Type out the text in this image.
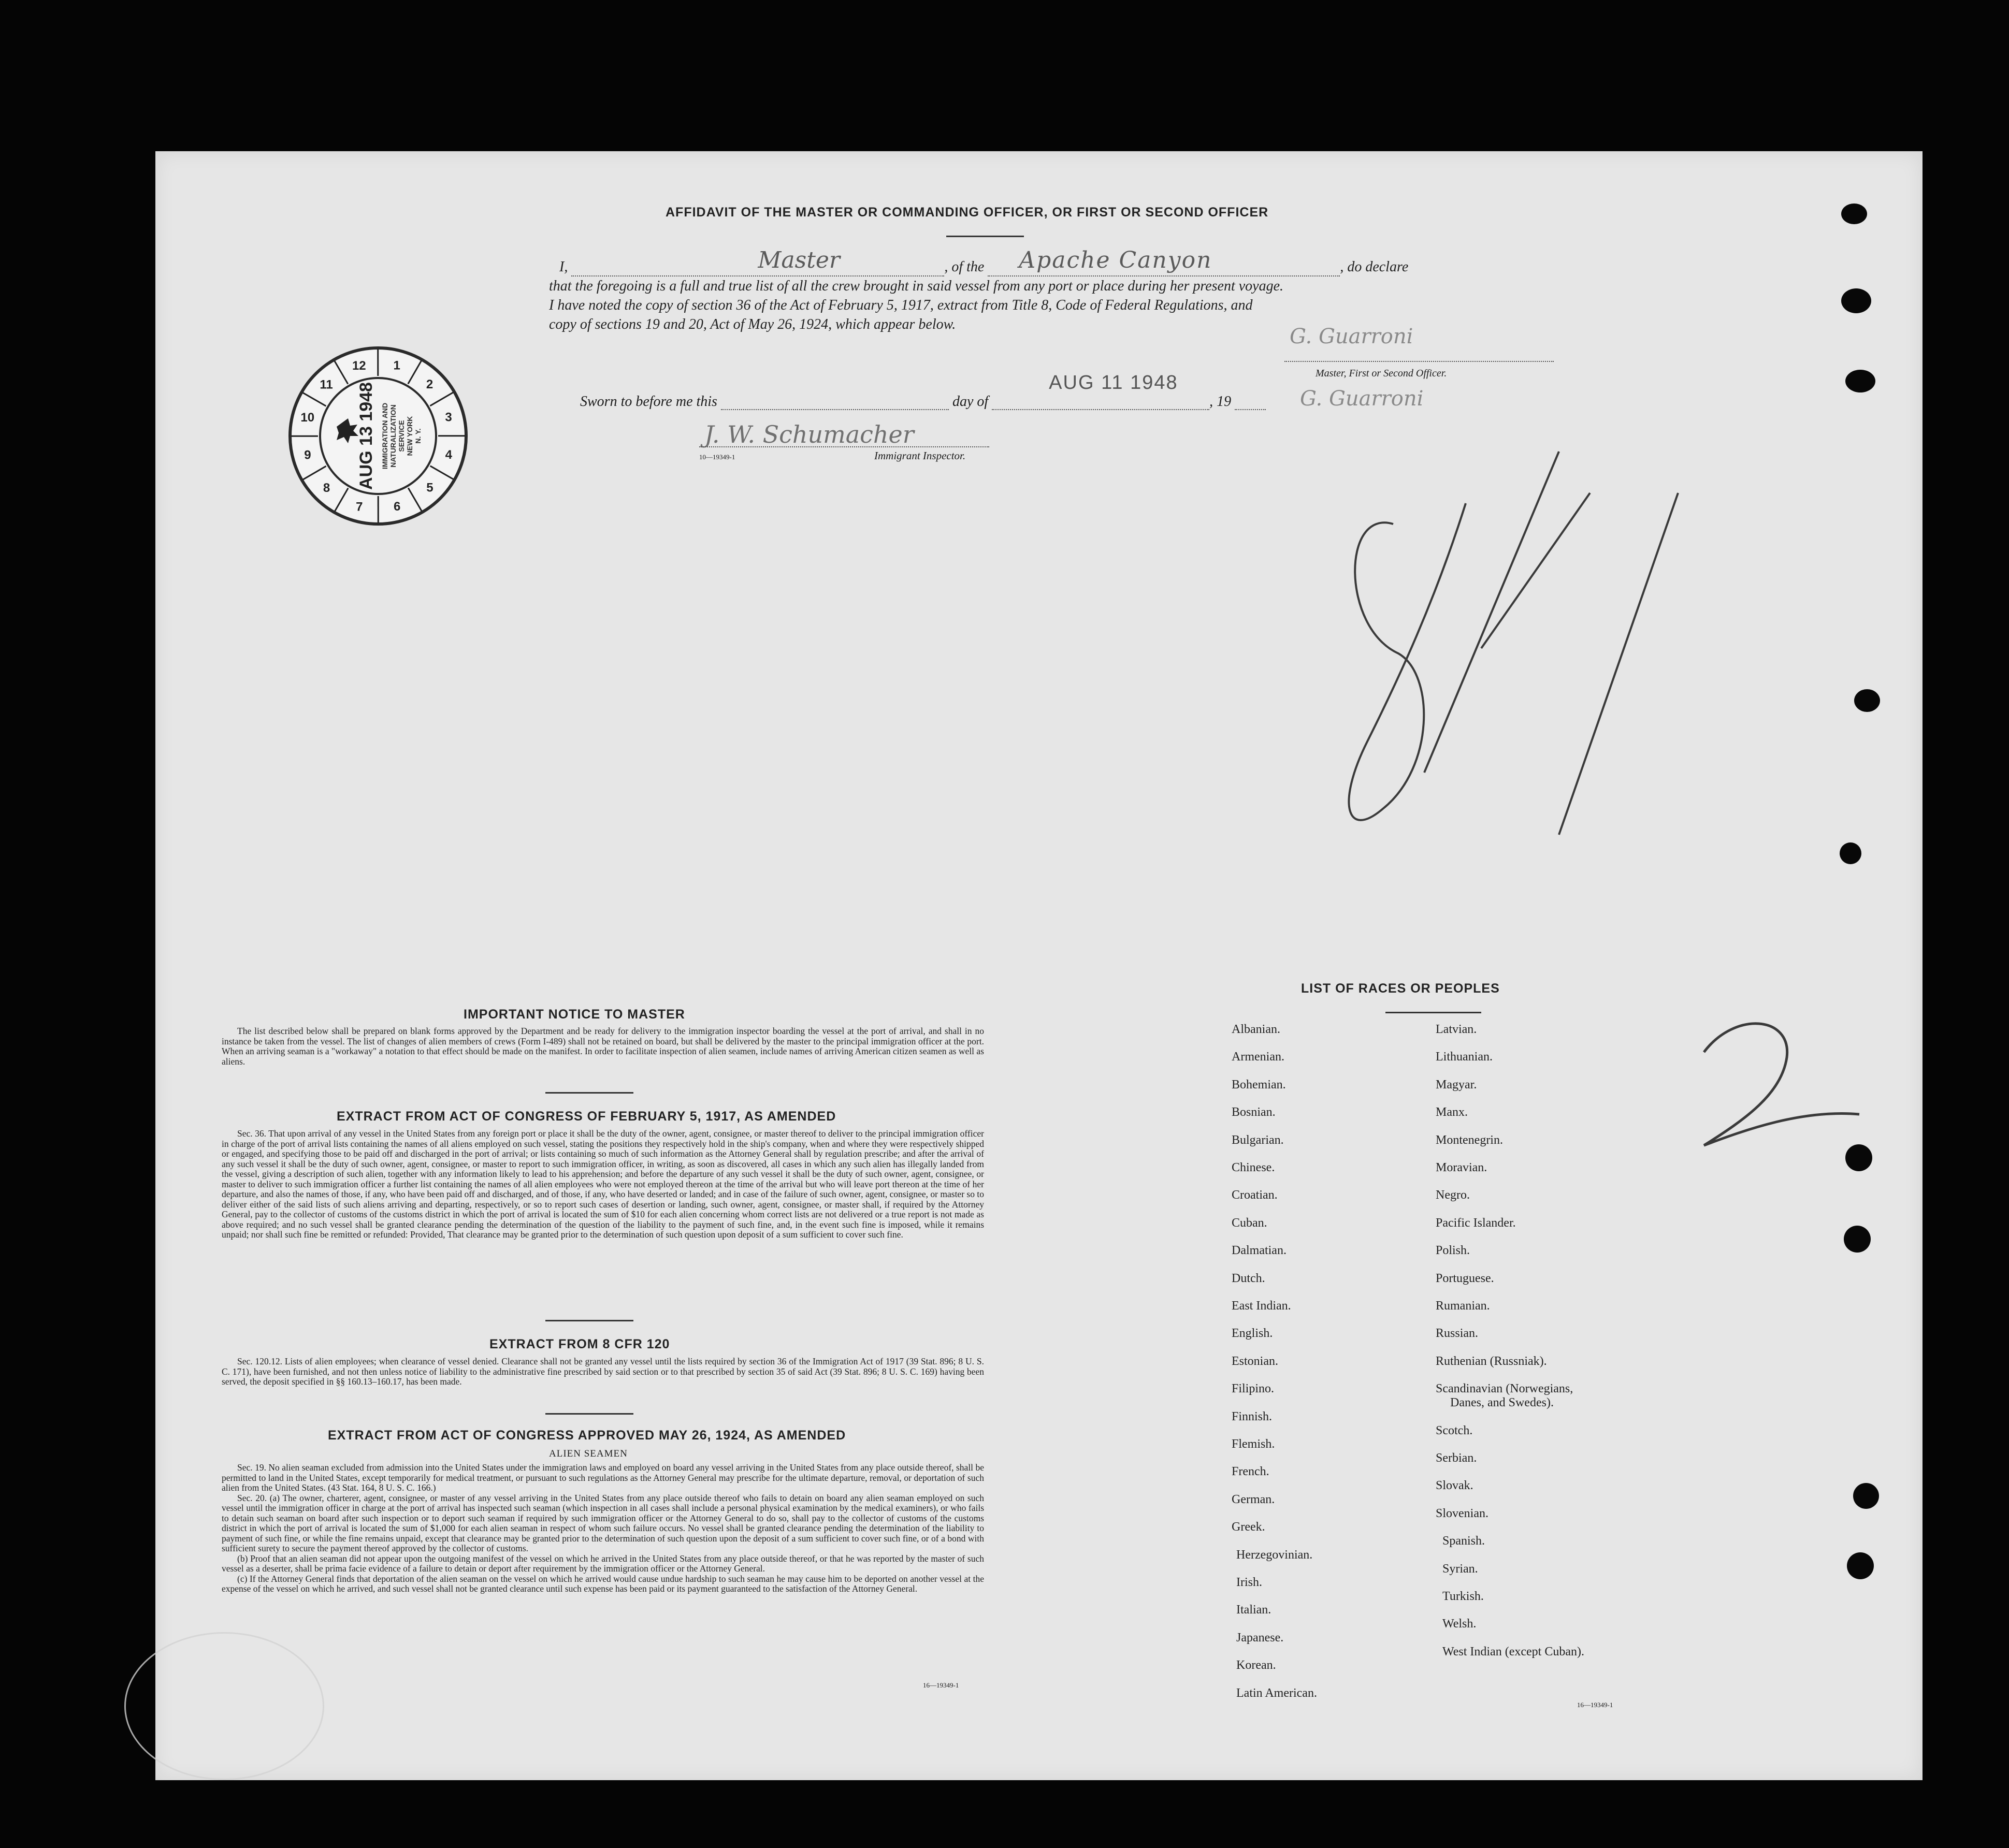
AFFIDAVIT OF THE MASTER OR COMMANDING OFFICER, OR FIRST OR SECOND OFFICER
I,	Master	, of the Apache Canyon	, do declare
that the foregoing is a full and true list of all the crew brought in said vessel from any port or place during her present voyage.
I have noted the copy of section 36 of the Act of February 5, 1917, extract from Title 8, Code of Federal Regulations, and
copy of sections 19 and 20, Act of May 26, 1924, which appear below.
G. Guarroni
Master, First or Second Officer.
Sworn to before me this	day of
AUG 11 1948
, 19	G. Guarroni
J. W. Schumacher
10—19349-1	Immigrant Inspector.
1
2
3
4
5
6
7
8
9
10
11
12
AUG 13 1948 IMMIGRATION AND NATURALIZATION SERVICE NEW YORK N. Y.
IMPORTANT NOTICE TO MASTER

The list described below shall be prepared on blank forms approved by the Department and be ready for delivery to the immigration inspector boarding the vessel at the port of arrival, and shall in no instance be taken from the vessel. The list of changes of alien members of crews (Form I-489) shall not be retained on board, but shall be delivered by the master to the principal immigration officer at the port. When an arriving seaman is a "workaway" a notation to that effect should be made on the manifest. In order to facilitate inspection of alien seamen, include names of arriving American citizen seamen as well as aliens.

EXTRACT FROM ACT OF CONGRESS OF FEBRUARY 5, 1917, AS AMENDED

Sec. 36. That upon arrival of any vessel in the United States from any foreign port or place it shall be the duty of the owner, agent, consignee, or master thereof to deliver to the principal immigration officer in charge of the port of arrival lists containing the names of all aliens employed on such vessel, stating the positions they respectively hold in the ship's company, when and where they were respectively shipped or engaged, and specifying those to be paid off and discharged in the port of arrival; or lists containing so much of such information as the Attorney General shall by regulation prescribe; and after the arrival of any such vessel it shall be the duty of such owner, agent, consignee, or master to report to such immigration officer, in writing, as soon as discovered, all cases in which any such alien has illegally landed from the vessel, giving a description of such alien, together with any information likely to lead to his apprehension; and before the departure of any such vessel it shall be the duty of such owner, agent, consignee, or master to deliver to such immigration officer a further list containing the names of all alien employees who were not employed thereon at the time of the arrival but who will leave port thereon at the time of her departure, and also the names of those, if any, who have been paid off and discharged, and of those, if any, who have deserted or landed; and in case of the failure of such owner, agent, consignee, or master so to deliver either of the said lists of such aliens arriving and departing, respectively, or so to report such cases of desertion or landing, such owner, agent, consignee, or master shall, if required by the Attorney General, pay to the collector of customs of the customs district in which the port of arrival is located the sum of $10 for each alien concerning whom correct lists are not delivered or a true report is not made as above required; and no such vessel shall be granted clearance pending the determination of the question of the liability to the payment of such fine, and, in the event such fine is imposed, while it remains unpaid; nor shall such fine be remitted or refunded: Provided, That clearance may be granted prior to the determination of such question upon deposit of a sum sufficient to cover such fine.

EXTRACT FROM 8 CFR 120

Sec. 120.12. Lists of alien employees; when clearance of vessel denied. Clearance shall not be granted any vessel until the lists required by section 36 of the Immigration Act of 1917 (39 Stat. 896; 8 U. S. C. 171), have been furnished, and not then unless notice of liability to the administrative fine prescribed by said section or to that prescribed by section 35 of said Act (39 Stat. 896; 8 U. S. C. 169) having been served, the deposit specified in §§ 160.13–160.17, has been made.

EXTRACT FROM ACT OF CONGRESS APPROVED MAY 26, 1924, AS AMENDED
ALIEN SEAMEN

Sec. 19. No alien seaman excluded from admission into the United States under the immigration laws and employed on board any vessel arriving in the United States from any place outside thereof, shall be permitted to land in the United States, except temporarily for medical treatment, or pursuant to such regulations as the Attorney General may prescribe for the ultimate departure, removal, or deportation of such alien from the United States. (43 Stat. 164, 8 U. S. C. 166.)

Sec. 20. (a) The owner, charterer, agent, consignee, or master of any vessel arriving in the United States from any place outside thereof who fails to detain on board any alien seaman employed on such vessel until the immigration officer in charge at the port of arrival has inspected such seaman (which inspection in all cases shall include a personal physical examination by the medical examiners), or who fails to detain such seaman on board after such inspection or to deport such seaman if required by such immigration officer or the Attorney General to do so, shall pay to the collector of customs of the customs district in which the port of arrival is located the sum of $1,000 for each alien seaman in respect of whom such failure occurs. No vessel shall be granted clearance pending the determination of the liability to payment of such fine, or while the fine remains unpaid, except that clearance may be granted prior to the determination of such question upon the deposit of a sum sufficient to cover such fine, or of a bond with sufficient surety to secure the payment thereof approved by the collector of customs.

(b) Proof that an alien seaman did not appear upon the outgoing manifest of the vessel on which he arrived in the United States from any place outside thereof, or that he was reported by the master of such vessel as a deserter, shall be prima facie evidence of a failure to detain or deport after requirement by the immigration officer or the Attorney General.

(c) If the Attorney General finds that deportation of the alien seaman on the vessel on which he arrived would cause undue hardship to such seaman he may cause him to be deported on another vessel at the expense of the vessel on which he arrived, and such vessel shall not be granted clearance until such expense has been paid or its payment guaranteed to the satisfaction of the Attorney General.

16—19349-1
LIST OF RACES OR PEOPLES
16—19349-1
Albanian.
Armenian.
Bohemian.
Bosnian.
Bulgarian.
Chinese.
Croatian.
Cuban.
Dalmatian.
Dutch.
East Indian.
English.
Estonian.
Filipino.
Finnish.
Flemish.
French.
German.
Greek.
Herzegovinian.
Irish.
Italian.
Japanese.
Korean.
Latin American.
Latvian.
Lithuanian.
Magyar.
Manx.
Montenegrin.
Moravian.
Negro.
Pacific Islander.
Polish.
Portuguese.
Rumanian.
Russian.
Ruthenian (Russniak).
Scandinavian (Norwegians,
Danes, and Swedes).
Scotch.
Serbian.
Slovak.
Slovenian.
Spanish.
Syrian.
Turkish.
Welsh.
West Indian (except Cuban).
